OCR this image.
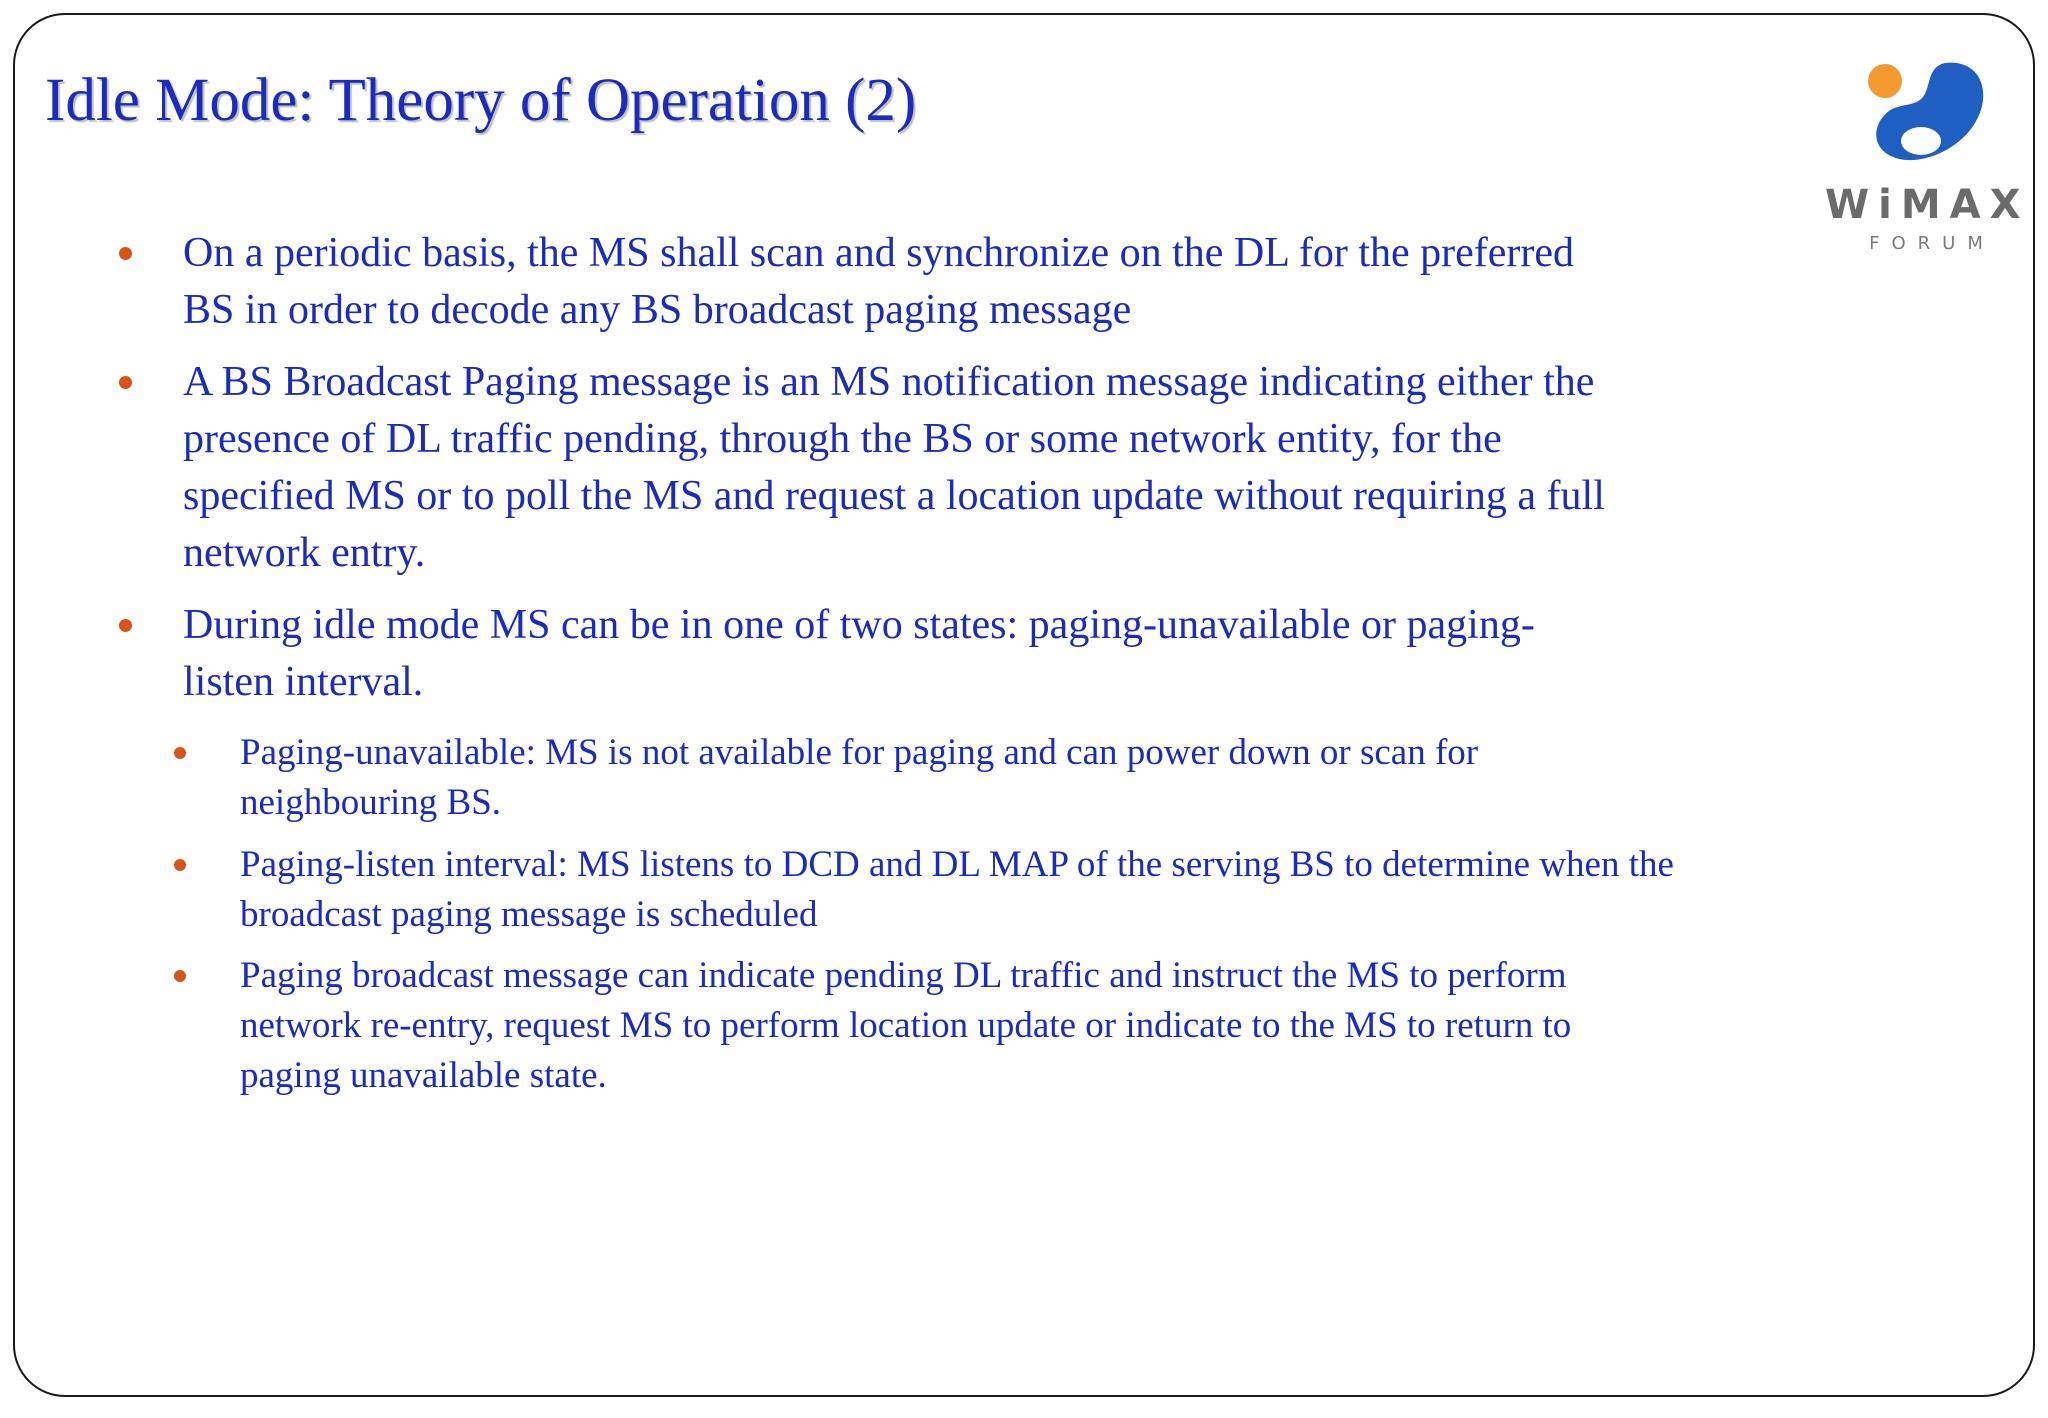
Idle Mode: Theory of Operation (2)
WiMAX
FORUM
On a periodic basis, the MS shall scan and synchronize on the DL for the preferred BS in order to decode any BS broadcast paging message
A BS Broadcast Paging message is an MS notification message indicating either the presence of DL traffic pending, through the BS or some network entity, for the specified MS or to poll the MS and request a location update without requiring a full network entry.
During idle mode MS can be in one of two states: paging-unavailable or paging-listen interval.
Paging-unavailable: MS is not available for paging and can power down or scan for neighbouring BS.
Paging-listen interval: MS listens to DCD and DL MAP of the serving BS to determine when the broadcast paging message is scheduled
Paging broadcast message can indicate pending DL traffic and instruct the MS to perform network re-entry, request MS to perform location update or indicate to the MS to return to paging unavailable state.
